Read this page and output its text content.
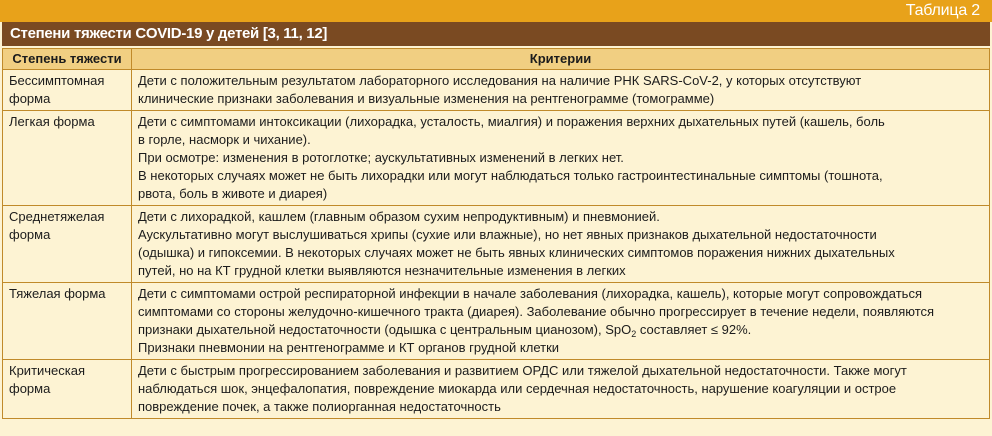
Таблица 2
Степени тяжести COVID-19 у детей [3, 11, 12]
Степень тяжести	Критерии

Бессимптомная
форма	Дети с положительным результатом лабораторного исследования на наличие РНК SARS-CoV-2, у которых отсутствуют
клинические признаки заболевания и визуальные изменения на рентгенограмме (томограмме)

Легкая форма	Дети с симптомами интоксикации (лихорадка, усталость, миалгия) и поражения верхних дыхательных путей (кашель, боль
в горле, насморк и чихание).
При осмотре: изменения в ротоглотке; аускультативных изменений в легких нет.
В некоторых случаях может не быть лихорадки или могут наблюдаться только гастроинтестинальные симптомы (тошнота,
рвота, боль в животе и диарея)

Среднетяжелая
форма	Дети с лихорадкой, кашлем (главным образом сухим непродуктивным) и пневмонией.
Аускультативно могут выслушиваться хрипы (сухие или влажные), но нет явных признаков дыхательной недостаточности
(одышка) и гипоксемии. В некоторых случаях может не быть явных клинических симптомов поражения нижних дыхательных
путей, но на КТ грудной клетки выявляются незначительные изменения в легких

Тяжелая форма	Дети с симптомами острой респираторной инфекции в начале заболевания (лихорадка, кашель), которые могут сопровождаться
симптомами со стороны желудочно-кишечного тракта (диарея). Заболевание обычно прогрессирует в течение недели, появляются
признаки дыхательной недостаточности (одышка с центральным цианозом), SpO$_2$ составляет ≤ 92%.
Признаки пневмонии на рентгенограмме и КТ органов грудной клетки

Критическая
форма	Дети с быстрым прогрессированием заболевания и развитием ОРДС или тяжелой дыхательной недостаточности. Также могут
наблюдаться шок, энцефалопатия, повреждение миокарда или сердечная недостаточность, нарушение коагуляции и острое
повреждение почек, а также полиорганная недостаточность
